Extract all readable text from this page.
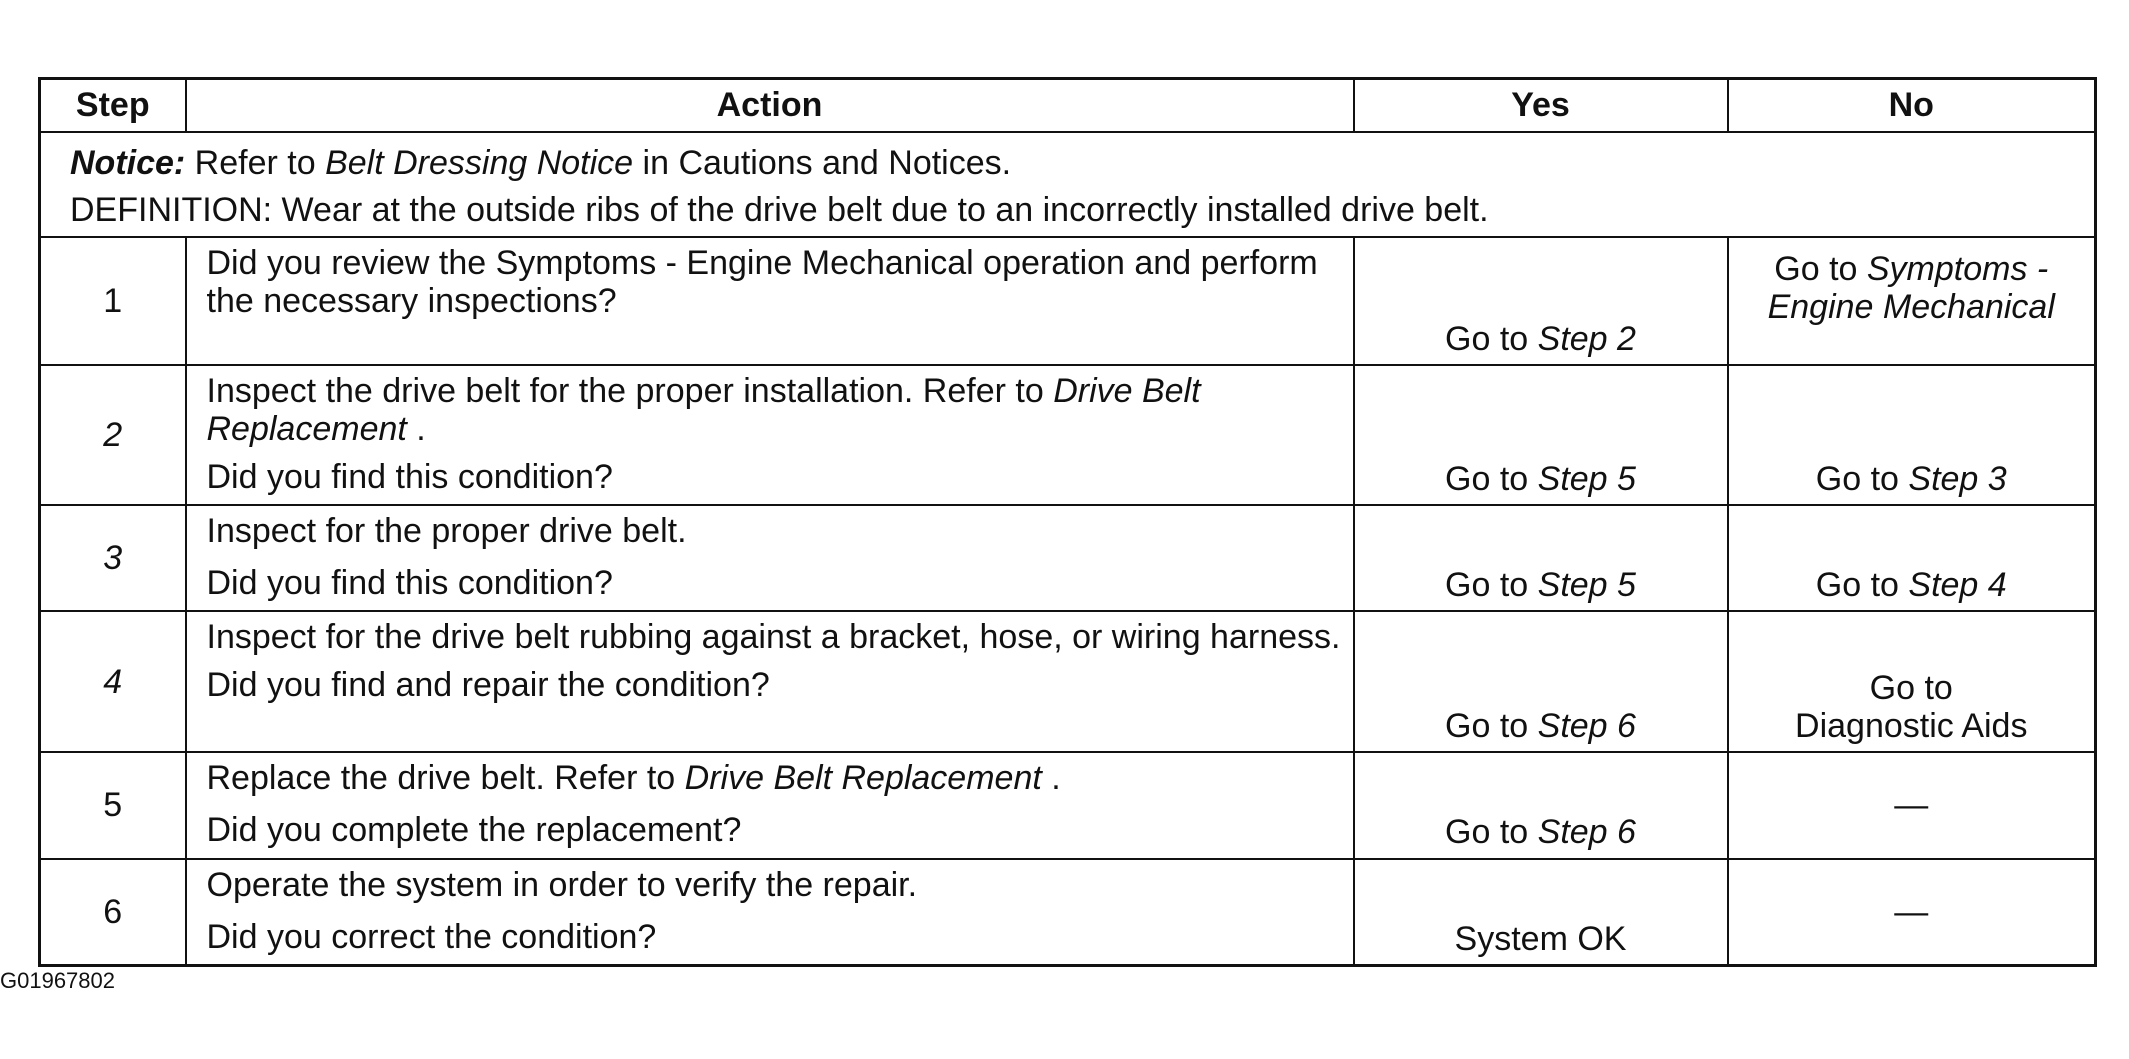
Step	Action	Yes	No

Notice: Refer to Belt Dressing Notice in Cautions and Notices.
DEFINITION: Wear at the outside ribs of the drive belt due to an incorrectly installed drive belt.			

1	Did you review the Symptoms - Engine Mechanical operation and perform the necessary inspections?	Go to Step 2	Go to Symptoms -
Engine Mechanical
2	Inspect the drive belt for the proper installation. Refer to Drive Belt Replacement .
Did you find this condition?	Go to Step 5	Go to Step 3
3	Inspect for the proper drive belt.
Did you find this condition?	Go to Step 5	Go to Step 4
4	Inspect for the drive belt rubbing against a bracket, hose, or wiring harness.
Did you find and repair the condition?	Go to Step 6	Go to
Diagnostic Aids
5	Replace the drive belt. Refer to Drive Belt Replacement .
Did you complete the replacement?	Go to Step 6	—
6	Operate the system in order to verify the repair.
Did you correct the condition?	System OK	—
G01967802
